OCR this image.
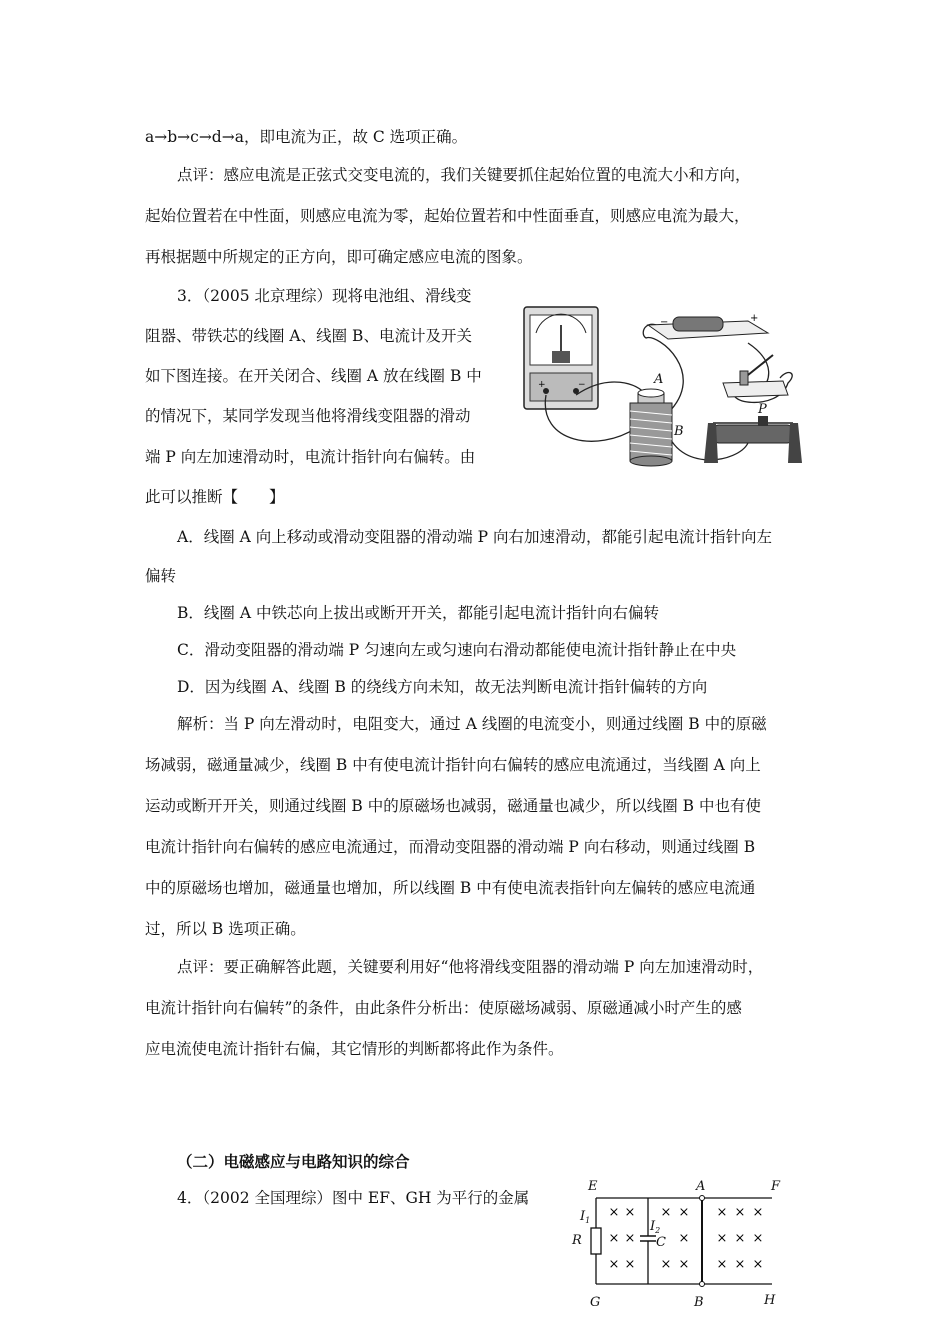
a→b→c→d→a，即电流为正，故 C 选项正确。
点评：感应电流是正弦式交变电流的，我们关键要抓住起始位置的电流大小和方向，
起始位置若在中性面，则感应电流为零，起始位置若和中性面垂直，则感应电流为最大，
再根据题中所规定的正方向，即可确定感应电流的图象。
3．（2005 北京理综）现将电池组、滑线变
阻器、带铁芯的线圈 A、线圈 B、电流计及开关
如下图连接。在开关闭合、线圈 A 放在线圈 B 中
的情况下，某同学发现当他将滑线变阻器的滑动
端 P 向左加速滑动时，电流计指针向右偏转。由
此可以推断【　　】
A．线圈 A 向上移动或滑动变阻器的滑动端 P 向右加速滑动，都能引起电流计指针向左
偏转
B．线圈 A 中铁芯向上拔出或断开开关，都能引起电流计指针向右偏转
C．滑动变阻器的滑动端 P 匀速向左或匀速向右滑动都能使电流计指针静止在中央
D．因为线圈 A、线圈 B 的绕线方向未知，故无法判断电流计指针偏转的方向
解析：当 P 向左滑动时，电阻变大，通过 A 线圈的电流变小，则通过线圈 B 中的原磁
场减弱，磁通量减少，线圈 B 中有使电流计指针向右偏转的感应电流通过，当线圈 A 向上
运动或断开开关，则通过线圈 B 中的原磁场也减弱，磁通量也减少，所以线圈 B 中也有使
电流计指针向右偏转的感应电流通过，而滑动变阻器的滑动端 P 向右移动，则通过线圈 B
中的原磁场也增加，磁通量也增加，所以线圈 B 中有使电流表指针向左偏转的感应电流通
过，所以 B 选项正确。
点评：要正确解答此题，关键要利用好“他将滑线变阻器的滑动端 P 向左加速滑动时，
电流计指针向右偏转”的条件，由此条件分析出：使原磁场减弱、原磁通减小时产生的感
应电流使电流计指针右偏，其它情形的判断都将此作为条件。
（二）电磁感应与电路知识的综合
4．（2002 全国理综）图中 EF、GH 为平行的金属
+	−
−	+
A
B
P
E	A	F
G	B	H
R
$I_1$	$I_2$
C
× × × × × × ×
× ×	× × × ×
× × × × × × ×
